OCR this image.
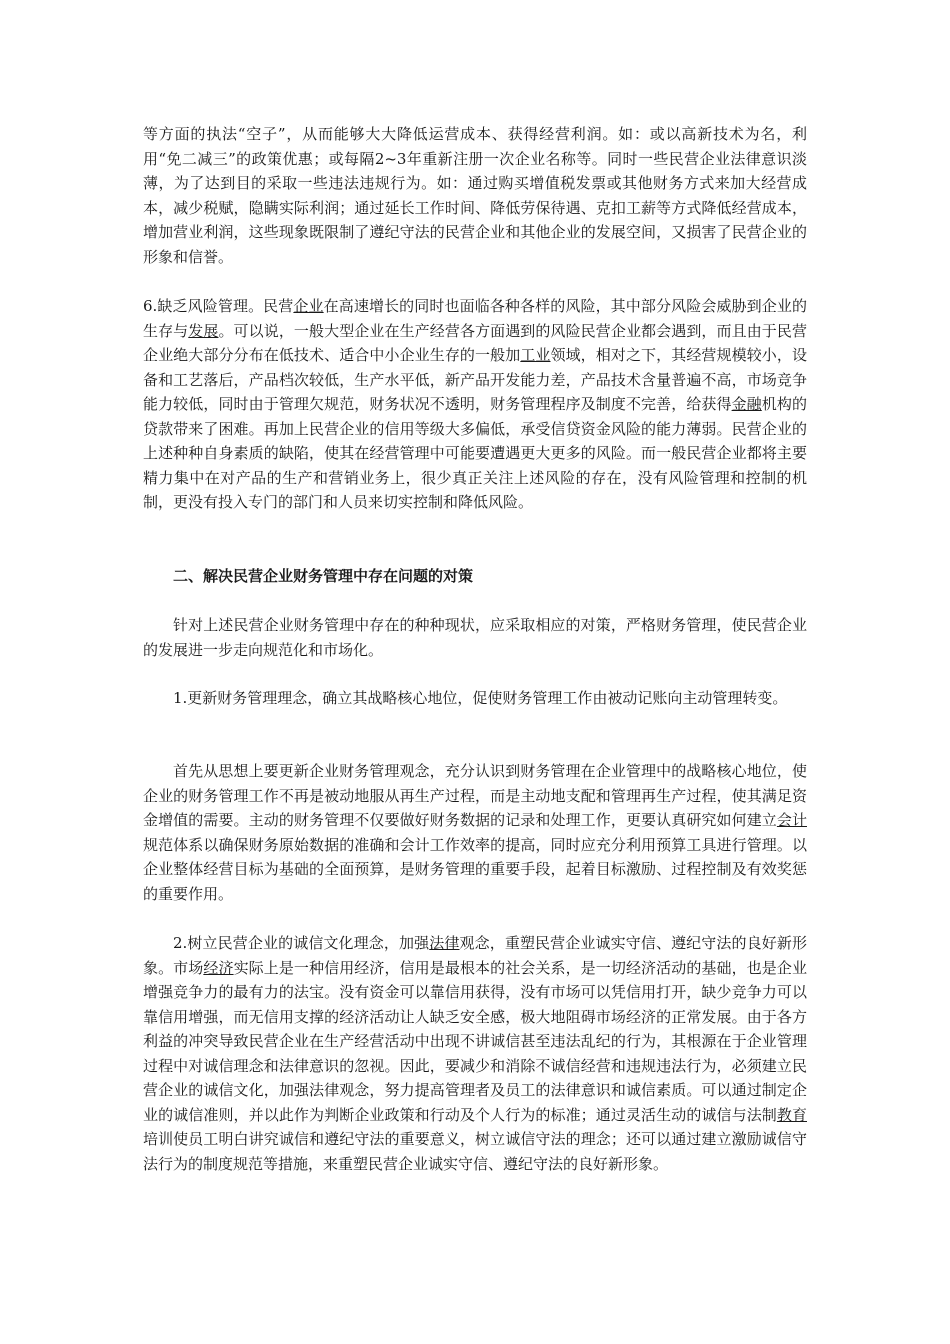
等方面的执法“空子”，从而能够大大降低运营成本、获得经营利润。如：或以高新技术为名，利用“免二减三”的政策优惠；或每隔2~3年重新注册一次企业名称等。同时一些民营企业法律意识淡薄，为了达到目的采取一些违法违规行为。如：通过购买增值税发票或其他财务方式来加大经营成本，减少税赋，隐瞒实际利润；通过延长工作时间、降低劳保待遇、克扣工薪等方式降低经营成本，增加营业利润，这些现象既限制了遵纪守法的民营企业和其他企业的发展空间，又损害了民营企业的形象和信誉。

6.缺乏风险管理。民营企业在高速增长的同时也面临各种各样的风险，其中部分风险会威胁到企业的生存与发展。可以说，一般大型企业在生产经营各方面遇到的风险民营企业都会遇到，而且由于民营企业绝大部分分布在低技术、适合中小企业生存的一般加工业领域，相对之下，其经营规模较小，设备和工艺落后，产品档次较低，生产水平低，新产品开发能力差，产品技术含量普遍不高，市场竞争能力较低，同时由于管理欠规范，财务状况不透明，财务管理程序及制度不完善，给获得金融机构的贷款带来了困难。再加上民营企业的信用等级大多偏低，承受信贷资金风险的能力薄弱。民营企业的上述种种自身素质的缺陷，使其在经营管理中可能要遭遇更大更多的风险。而一般民营企业都将主要精力集中在对产品的生产和营销业务上，很少真正关注上述风险的存在，没有风险管理和控制的机制，更没有投入专门的部门和人员来切实控制和降低风险。

二、解决民营企业财务管理中存在问题的对策

针对上述民营企业财务管理中存在的种种现状，应采取相应的对策，严格财务管理，使民营企业的发展进一步走向规范化和市场化。

1.更新财务管理理念，确立其战略核心地位，促使财务管理工作由被动记账向主动管理转变。

首先从思想上要更新企业财务管理观念，充分认识到财务管理在企业管理中的战略核心地位，使企业的财务管理工作不再是被动地服从再生产过程，而是主动地支配和管理再生产过程，使其满足资金增值的需要。主动的财务管理不仅要做好财务数据的记录和处理工作，更要认真研究如何建立会计规范体系以确保财务原始数据的准确和会计工作效率的提高，同时应充分利用预算工具进行管理。以企业整体经营目标为基础的全面预算，是财务管理的重要手段，起着目标激励、过程控制及有效奖惩的重要作用。

2.树立民营企业的诚信文化理念，加强法律观念，重塑民营企业诚实守信、遵纪守法的良好新形象。市场经济实际上是一种信用经济，信用是最根本的社会关系，是一切经济活动的基础，也是企业增强竞争力的最有力的法宝。没有资金可以靠信用获得，没有市场可以凭信用打开，缺少竞争力可以靠信用增强，而无信用支撑的经济活动让人缺乏安全感，极大地阻碍市场经济的正常发展。由于各方利益的冲突导致民营企业在生产经营活动中出现不讲诚信甚至违法乱纪的行为，其根源在于企业管理过程中对诚信理念和法律意识的忽视。因此，要减少和消除不诚信经营和违规违法行为，必须建立民营企业的诚信文化，加强法律观念，努力提高管理者及员工的法律意识和诚信素质。可以通过制定企业的诚信准则，并以此作为判断企业政策和行动及个人行为的标准；通过灵活生动的诚信与法制教育培训使员工明白讲究诚信和遵纪守法的重要意义，树立诚信守法的理念；还可以通过建立激励诚信守法行为的制度规范等措施，来重塑民营企业诚实守信、遵纪守法的良好新形象。
